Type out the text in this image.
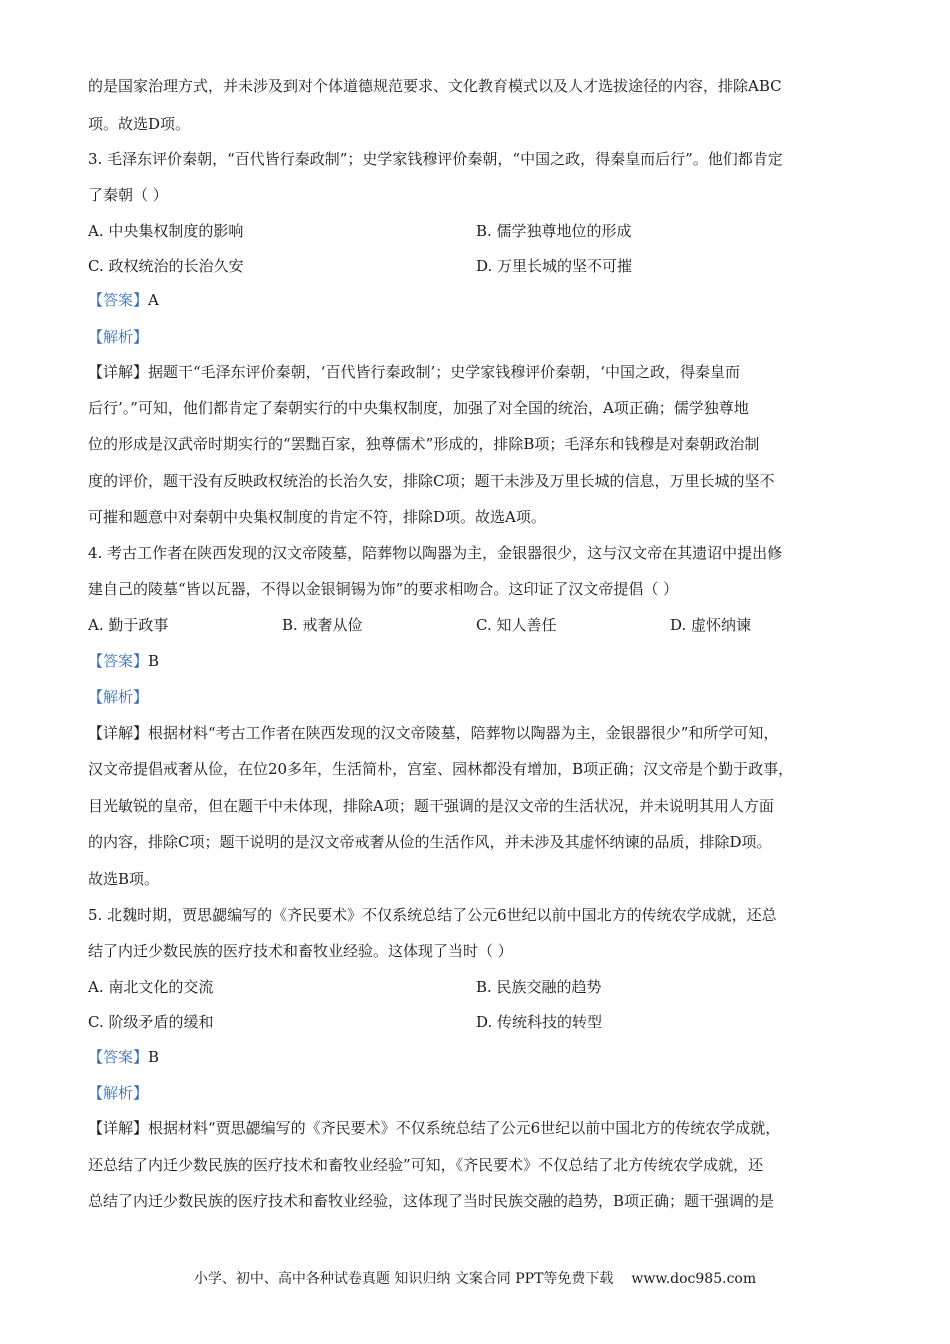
的是国家治理方式，并未涉及到对个体道德规范要求、文化教育模式以及人才选拔途径的内容，排除ABC
项。故选D项。
3. 毛泽东评价秦朝，“百代皆行秦政制”；史学家钱穆评价秦朝，“中国之政，得秦皇而后行”。他们都肯定
了秦朝（ ）
A. 中央集权制度的影响	B. 儒学独尊地位的形成
C. 政权统治的长治久安	D. 万里长城的坚不可摧
【答案】A
【解析】
【详解】据题干“毛泽东评价秦朝，‘百代皆行秦政制’；史学家钱穆评价秦朝，‘中国之政，得秦皇而
后行’。”可知，他们都肯定了秦朝实行的中央集权制度，加强了对全国的统治，A项正确；儒学独尊地
位的形成是汉武帝时期实行的“罢黜百家，独尊儒术”形成的，排除B项；毛泽东和钱穆是对秦朝政治制
度的评价，题干没有反映政权统治的长治久安，排除C项；题干未涉及万里长城的信息，万里长城的坚不
可摧和题意中对秦朝中央集权制度的肯定不符，排除D项。故选A项。
4. 考古工作者在陕西发现的汉文帝陵墓，陪葬物以陶器为主，金银器很少，这与汉文帝在其遗诏中提出修
建自己的陵墓“皆以瓦器，不得以金银铜锡为饰”的要求相吻合。这印证了汉文帝提倡（ ）
A. 勤于政事	B. 戒奢从俭	C. 知人善任	D. 虚怀纳谏
【答案】B
【解析】
【详解】根据材料“考古工作者在陕西发现的汉文帝陵墓，陪葬物以陶器为主，金银器很少”和所学可知，
汉文帝提倡戒奢从俭，在位20多年，生活简朴，宫室、园林都没有增加，B项正确；汉文帝是个勤于政事，
目光敏锐的皇帝，但在题干中未体现，排除A项；题干强调的是汉文帝的生活状况，并未说明其用人方面
的内容，排除C项；题干说明的是汉文帝戒奢从俭的生活作风，并未涉及其虚怀纳谏的品质，排除D项。
故选B项。
5. 北魏时期，贾思勰编写的《齐民要术》不仅系统总结了公元6世纪以前中国北方的传统农学成就，还总
结了内迁少数民族的医疗技术和畜牧业经验。这体现了当时（ ）
A. 南北文化的交流	B. 民族交融的趋势
C. 阶级矛盾的缓和	D. 传统科技的转型
【答案】B
【解析】
【详解】根据材料“贾思勰编写的《齐民要术》不仅系统总结了公元6世纪以前中国北方的传统农学成就，
还总结了内迁少数民族的医疗技术和畜牧业经验”可知，《齐民要术》不仅总结了北方传统农学成就，还
总结了内迁少数民族的医疗技术和畜牧业经验，这体现了当时民族交融的趋势，B项正确；题干强调的是
小学、初中、高中各种试卷真题 知识归纳 文案合同 PPT等免费下载 www.doc985.com
